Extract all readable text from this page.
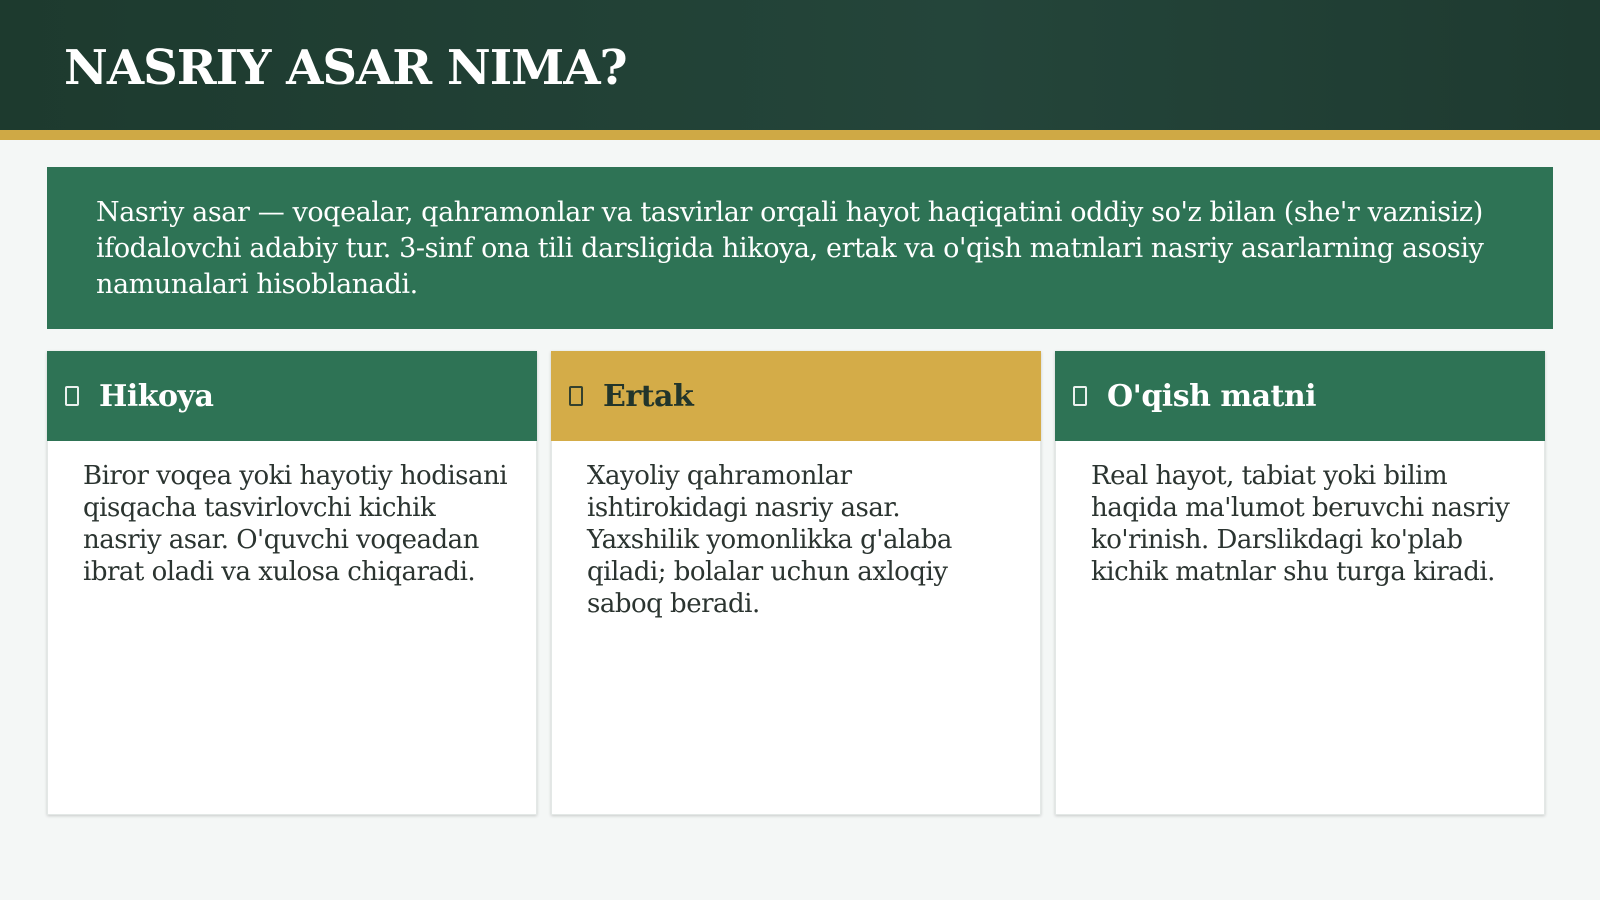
NASRIY ASAR NIMA?

Nasriy asar — voqealar, qahramonlar va tasvirlar orqali hayot haqiqatini oddiy so'z bilan (she'r vaznisiz) ifodalovchi adabiy tur. 3-sinf ona tili darsligida hikoya, ertak va o'qish matnlari nasriy asarlarning asosiy namunalari hisoblanadi.

Hikoya

Biror voqea yoki hayotiy hodisani qisqacha tasvirlovchi kichik nasriy asar. O'quvchi voqeadan ibrat oladi va xulosa chiqaradi.

Ertak

Xayoliy qahramonlar ishtirokidagi nasriy asar. Yaxshilik yomonlikka g'alaba qiladi; bolalar uchun axloqiy saboq beradi.

O'qish matni

Real hayot, tabiat yoki bilim haqida ma'lumot beruvchi nasriy ko'rinish. Darslikdagi ko'plab kichik matnlar shu turga kiradi.
